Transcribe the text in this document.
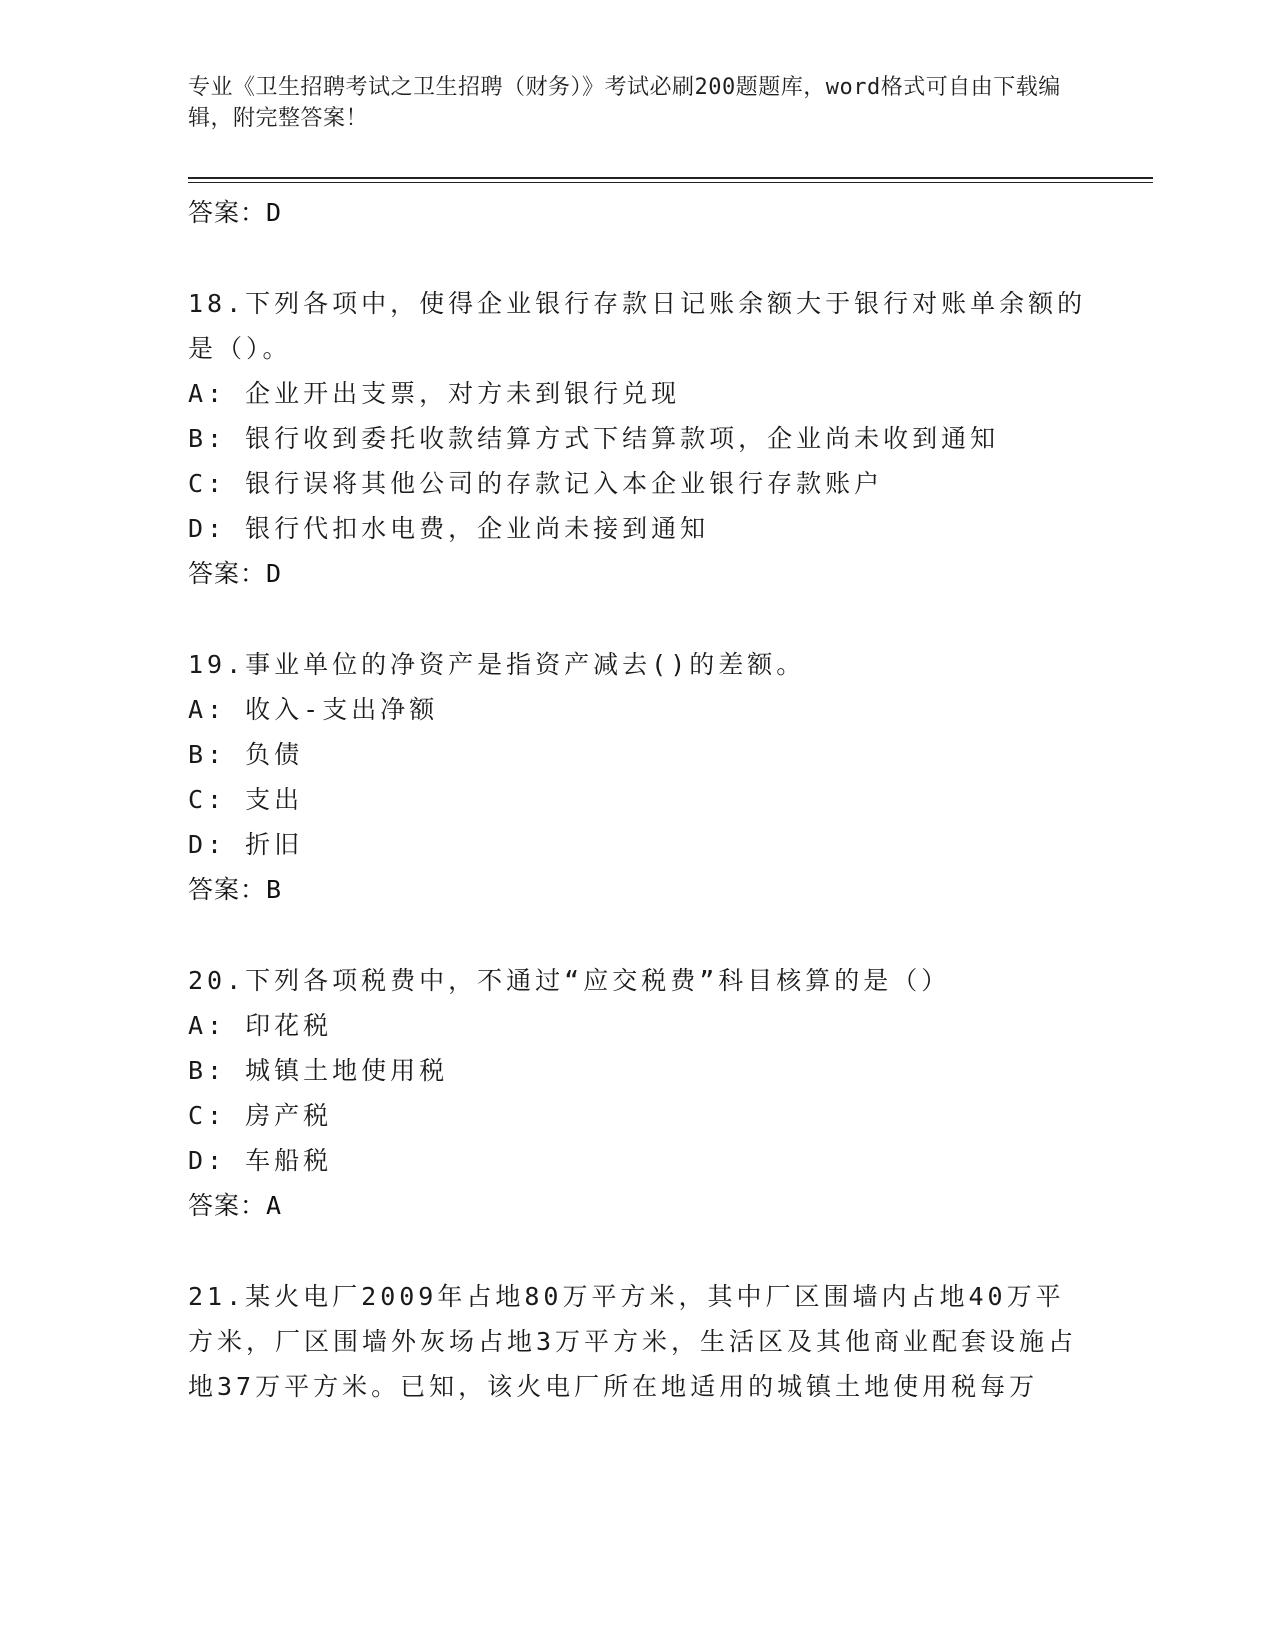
专业《卫生招聘考试之卫生招聘（财务）》考试必刷200题题库，word格式可自由下载编辑，附完整答案！
答案：D
18.下列各项中，使得企业银行存款日记账余额大于银行对账单余额的是（）。
A: 企业开出支票，对方未到银行兑现
B: 银行收到委托收款结算方式下结算款项，企业尚未收到通知
C: 银行误将其他公司的存款记入本企业银行存款账户
D: 银行代扣水电费，企业尚未接到通知
答案：D
19.事业单位的净资产是指资产减去()的差额。
A: 收入-支出净额
B: 负债
C: 支出
D: 折旧
答案：B
20.下列各项税费中，不通过“应交税费”科目核算的是（）
A: 印花税
B: 城镇土地使用税
C: 房产税
D: 车船税
答案：A
21.某火电厂2009年占地80万平方米，其中厂区围墙内占地40万平方米，厂区围墙外灰场占地3万平方米，生活区及其他商业配套设施占地37万平方米。已知，该火电厂所在地适用的城镇土地使用税每万
